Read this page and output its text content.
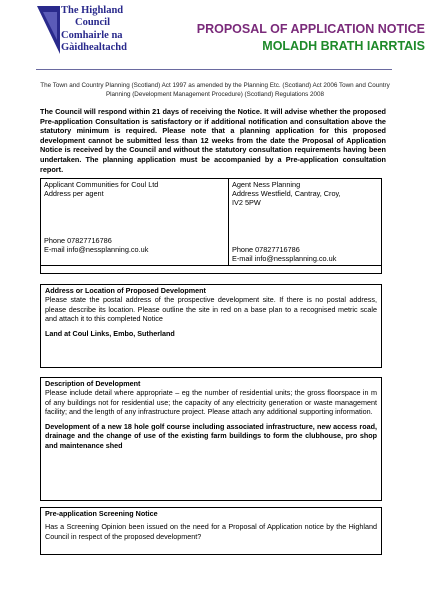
The Highland
Council
Comhairle na
Gàidhealtachd
PROPOSAL OF APPLICATION NOTICE
MOLADH BRATH IARRTAIS
The Town and Country Planning (Scotland) Act 1997 as amended by the Planning Etc. (Scotland) Act 2006 Town and Country Planning (Development Management Procedure) (Scotland) Regulations 2008
The Council will respond within 21 days of receiving the Notice. It will advise whether the proposed Pre-application Consultation is satisfactory or if additional notification and consultation above the statutory minimum is required. Please note that a planning application for this proposed development cannot be submitted less than 12 weeks from the date the Proposal of Application Notice is received by the Council and without the statutory consultation requirements having been undertaken. The planning application must be accompanied by a Pre-application consultation report.
Applicant Communities for Coul Ltd
Address per agent
Phone 07827716786
E-mail info@nessplanning.co.uk
Agent Ness Planning
Address Westfield, Cantray, Croy,
IV2 5PW
Phone 07827716786
E-mail info@nessplanning.co.uk
Address or Location of Proposed Development
Please state the postal address of the prospective development site. If there is no postal address, please describe its location. Please outline the site in red on a base plan to a recognised metric scale and attach it to this completed Notice
Land at Coul Links, Embo, Sutherland
Description of Development
Please include detail where appropriate – eg the number of residential units; the gross floorspace in m of any buildings not for residential use; the capacity of any electricity generation or waste management facility; and the length of any infrastructure project. Please attach any additional supporting information.
Development of a new 18 hole golf course including associated infrastructure, new access road, drainage and the change of use of the existing farm buildings to form the clubhouse, pro shop and maintenance shed
Pre-application Screening Notice
Has a Screening Opinion been issued on the need for a Proposal of Application notice by the Highland Council in respect of the proposed development?
